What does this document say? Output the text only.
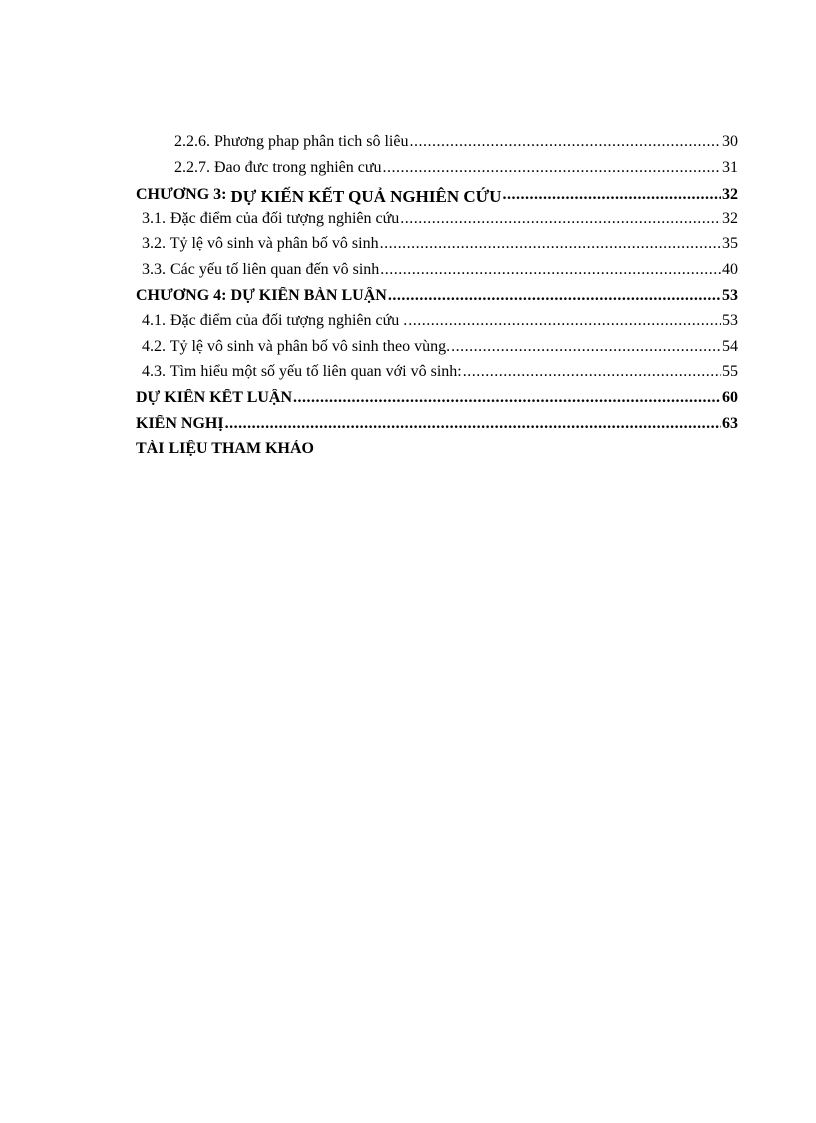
2.2.6. Phương phap phân tich sô liêu .....	30
2.2.7. Đao đưc trong nghiên cưu .....	31
CHƯƠNG 3: DỰ KIẾN KẾT QUẢ NGHIÊN CỨU .....	32
3.1. Đặc điểm của đối tượng nghiên cứu .....	32
3.2. Tỷ lệ vô sinh và phân bố vô sinh .....	35
3.3. Các yếu tố liên quan đến vô sinh .....	40
CHƯƠNG 4: DỰ KIẾN BÀN LUẬN .....	53
4.1. Đặc điểm của đối tượng nghiên cứu . .....	53
4.2. Tỷ lệ vô sinh và phân bố vô sinh theo vùng. .....	54
4.3. Tìm hiểu một số yếu tố liên quan với vô sinh: .....	55
DỰ KIẾN KẾT LUẬN .....	60
KIẾN NGHỊ .....	63
TÀI LIỆU THAM KHẢO
